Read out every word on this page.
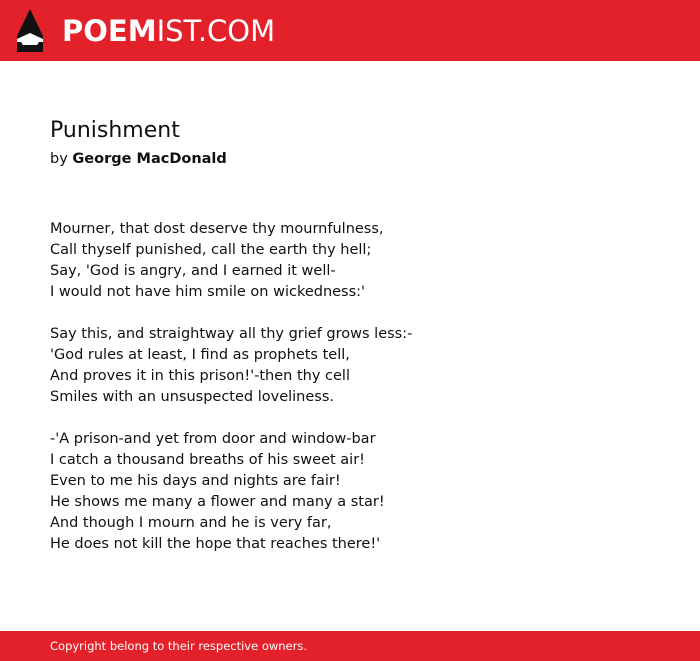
POEMIST.COM
Punishment
by George MacDonald
Mourner, that dost deserve thy mournfulness,
Call thyself punished, call the earth thy hell;
Say, 'God is angry, and I earned it well-
I would not have him smile on wickedness:'
Say this, and straightway all thy grief grows less:-
'God rules at least, I find as prophets tell,
And proves it in this prison!'-then thy cell
Smiles with an unsuspected loveliness.
-'A prison-and yet from door and window-bar
I catch a thousand breaths of his sweet air!
Even to me his days and nights are fair!
He shows me many a flower and many a star!
And though I mourn and he is very far,
He does not kill the hope that reaches there!'
Copyright belong to their respective owners.
